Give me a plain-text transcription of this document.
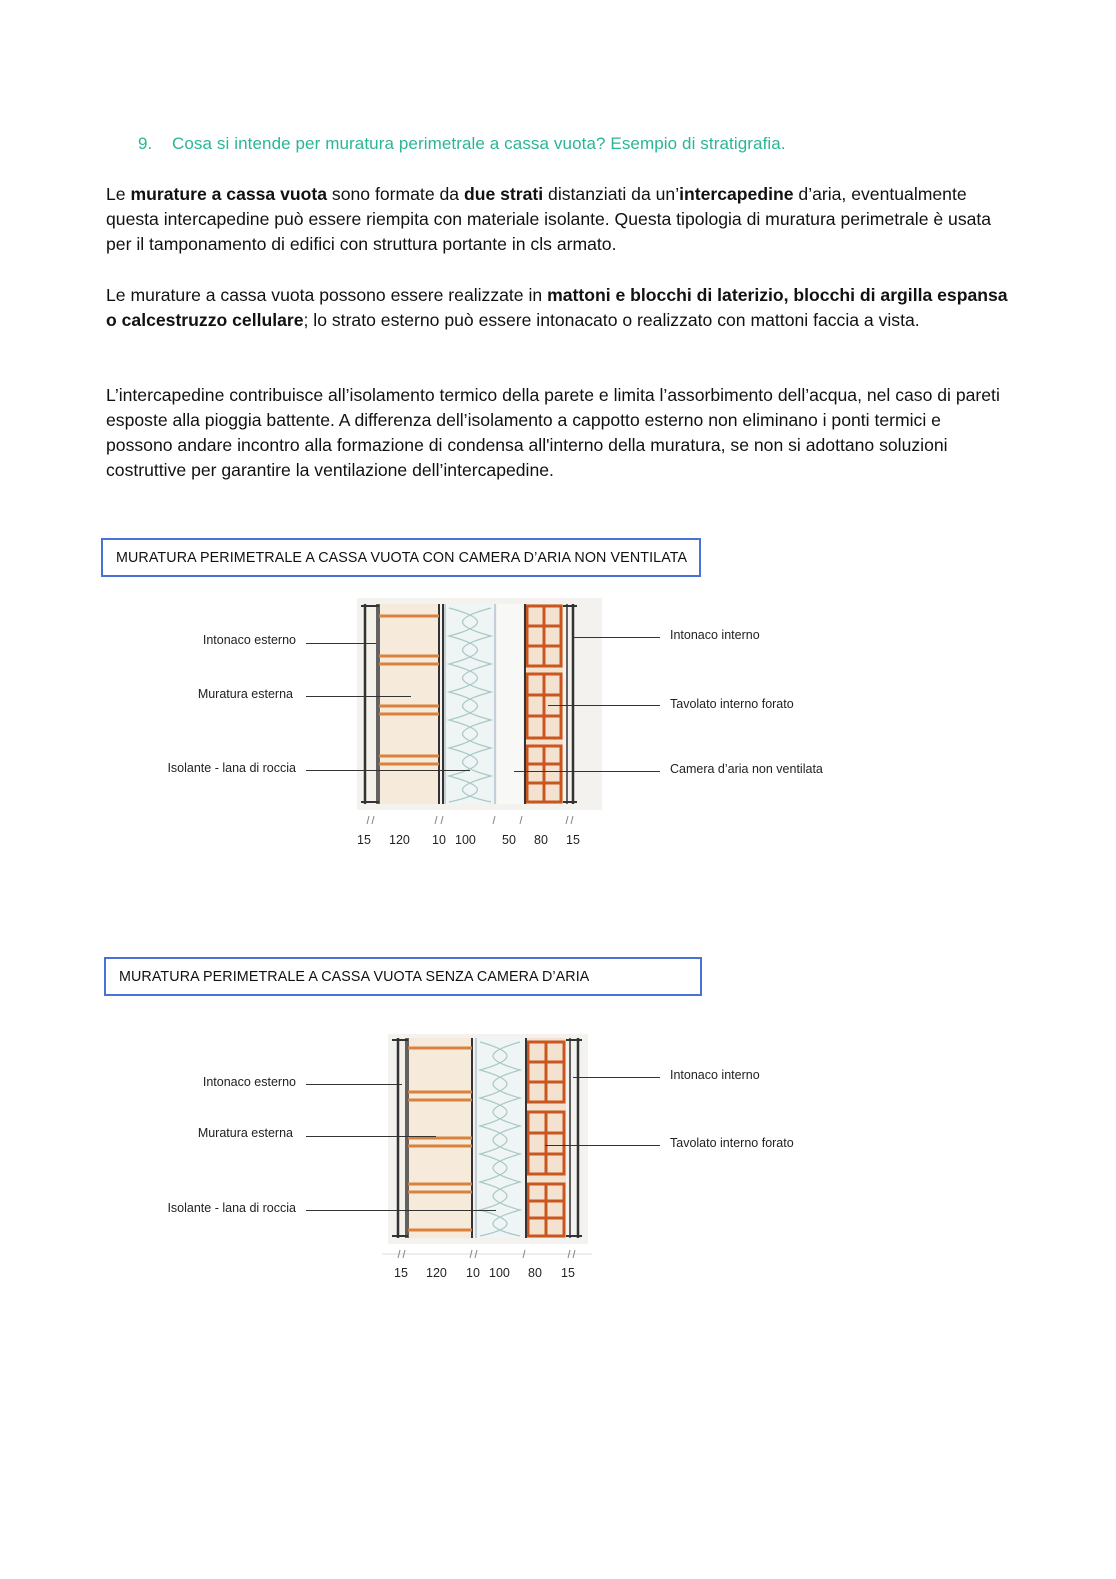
9. Cosa si intende per muratura perimetrale a cassa vuota? Esempio di stratigrafia.
Le murature a cassa vuota sono formate da due strati distanziati da un’intercapedine d’aria, eventualmente questa intercapedine può essere riempita con materiale isolante. Questa tipologia di muratura perimetrale è usata per il tamponamento di edifici con struttura portante in cls armato.
Le murature a cassa vuota possono essere realizzate in mattoni e blocchi di laterizio, blocchi di argilla espansa o calcestruzzo cellulare; lo strato esterno può essere intonacato o realizzato con mattoni faccia a vista.
L’intercapedine contribuisce all’isolamento termico della parete e limita l’assorbimento dell’acqua, nel caso di pareti esposte alla pioggia battente. A differenza dell’isolamento a cappotto esterno non eliminano i ponti termici e possono andare incontro alla formazione di condensa all'interno della muratura, se non si adottano soluzioni costruttive per garantire la ventilazione dell’intercapedine.
MURATURA PERIMETRALE A CASSA VUOTA CON CAMERA D’ARIA NON VENTILATA
Intonaco esterno
Muratura esterna
Isolante - lana di roccia
Intonaco interno
Tavolato interno forato
Camera d’aria non ventilata
15 120 10 100 50 80 15
MURATURA PERIMETRALE A CASSA VUOTA SENZA CAMERA D’ARIA
Intonaco esterno
Muratura esterna
Isolante - lana di roccia
Intonaco interno
Tavolato interno forato
15 120 10 100 80 15
